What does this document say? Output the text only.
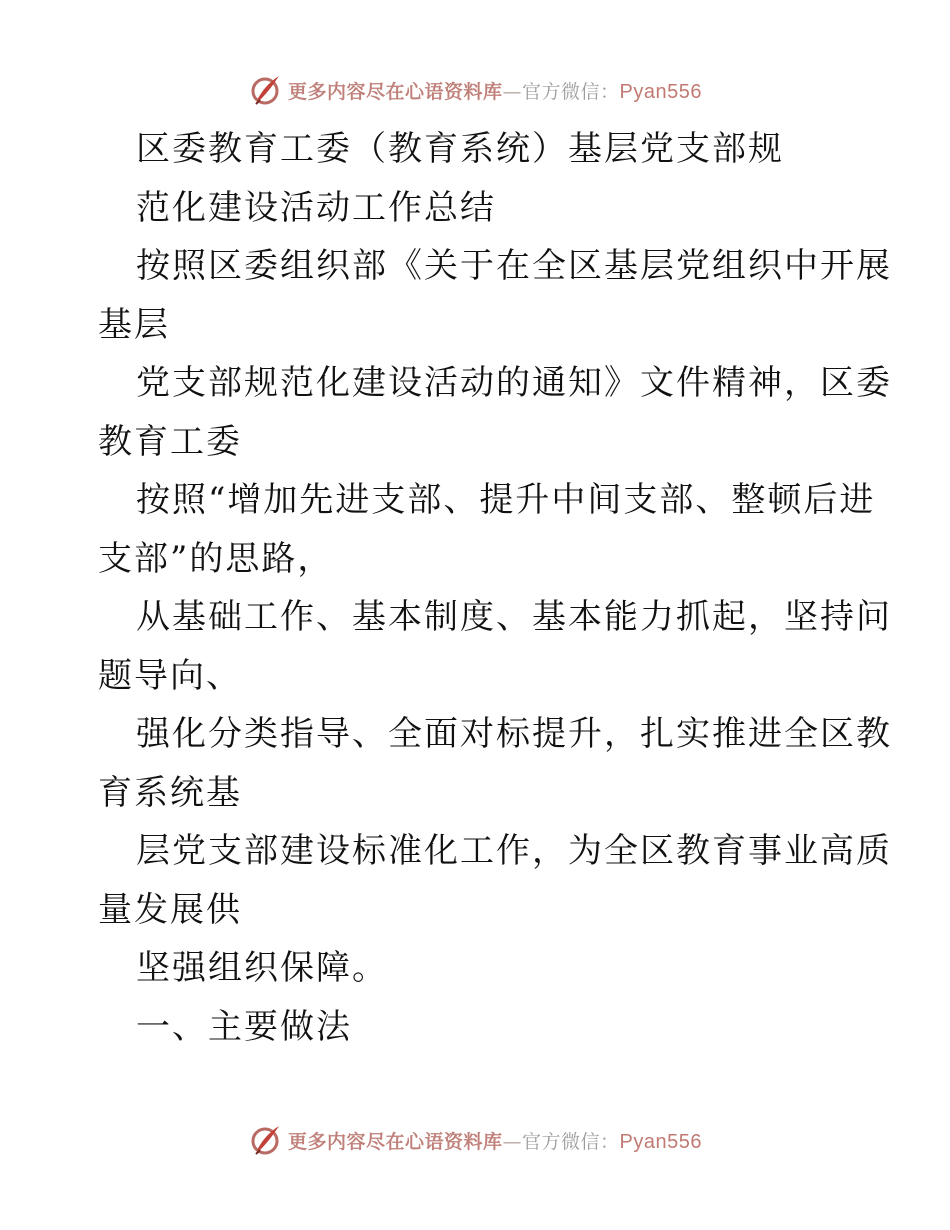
更多内容尽在心语资料库—官方微信：Pyan556
区委教育工委（教育系统）基层党支部规
范化建设活动工作总结
按照区委组织部《关于在全区基层党组织中开展
基层
党支部规范化建设活动的通知》文件精神，区委
教育工委
按照“增加先进支部、提升中间支部、整顿后进
支部”的思路，
从基础工作、基本制度、基本能力抓起，坚持问
题导向、
强化分类指导、全面对标提升，扎实推进全区教
育系统基
层党支部建设标准化工作，为全区教育事业高质
量发展供
坚强组织保障。
一、主要做法
更多内容尽在心语资料库—官方微信：Pyan556
